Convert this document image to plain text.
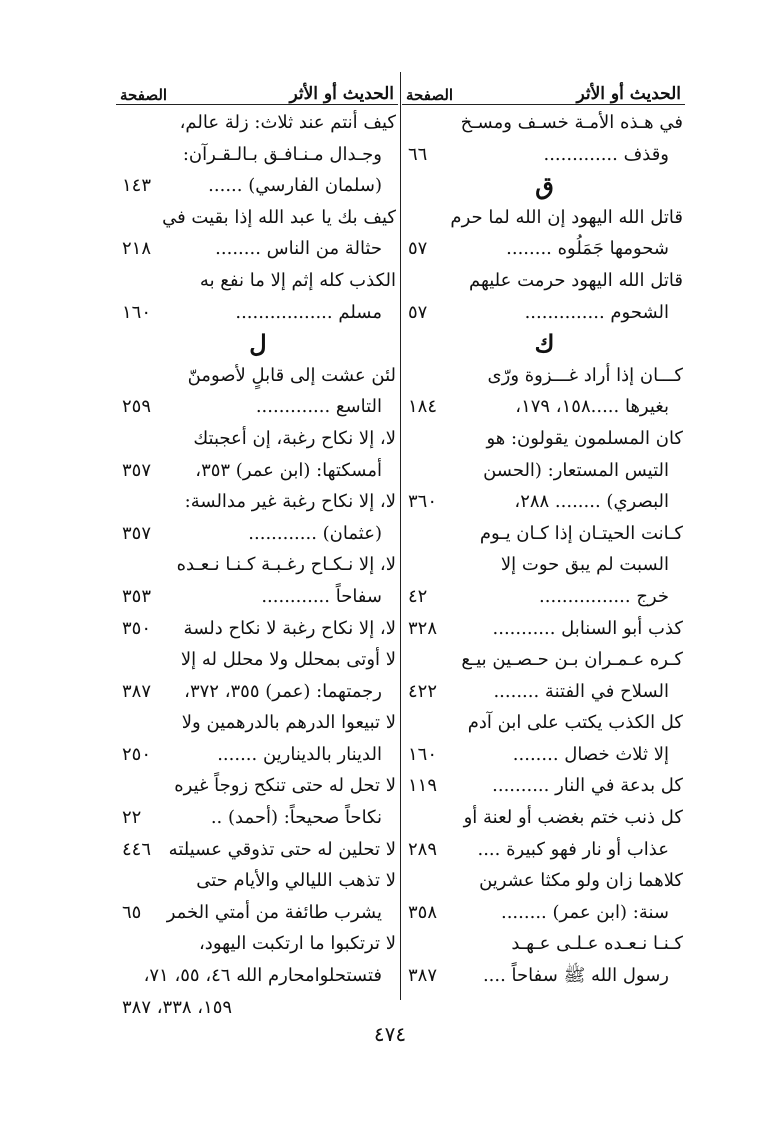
الحديث أو الأثر
الصفحة
في هـذه الأمـة خسـف ومسـخ
وقذف .............
٦٦
ق
قاتل الله اليهود إن الله لما حرم
شحومها جَمَلُوه ........
٥٧
قاتل الله اليهود حرمت عليهم
الشحوم ..............
٥٧
ك
كـــان إذا أراد غـــزوة ورّى
بغيرها .....١٥٨، ١٧٩،
١٨٤
كان المسلمون يقولون: هو
التيس المستعار: (الحسن
البصري) ........ ٢٨٨،
٣٦٠
كـانت الحيتـان إذا كـان يـوم
السبت لم يبق حوت إلا
خرج ................
٤٢
كذب أبو السنابل ...........
٣٢٨
كـره عـمـران بـن حـصـين بيـع
السلاح في الفتنة ........
٤٢٢
كل الكذب يكتب على ابن آدم
إلا ثلاث خصال ........
١٦٠
كل بدعة في النار ..........
١١٩
كل ذنب ختم بغضب أو لعنة أو
عذاب أو نار فهو كبيرة ....
٢٨٩
كلاهما زان ولو مكثا عشرين
سنة: (ابن عمر) ........
٣٥٨
كـنـا نـعـده عـلـى عـهـد
رسول الله ﷺ سفاحاً ....
٣٨٧
الحديث أو الأثر
الصفحة
كيف أنتم عند ثلاث: زلة عالم،
وجـدال مـنـافـق بـالـقـرآن:
(سلمان الفارسي) ......
١٤٣
كيف بك يا عبد الله إذا بقيت في
حثالة من الناس ........
٢١٨
الكذب كله إثم إلا ما نفع به
مسلم .................
١٦٠
ل
لئن عشت إلى قابلٍ لأصومنّ
التاسع .............
٢٥٩
لا، إلا نكاح رغبة، إن أعجبتك
أمسكتها: (ابن عمر) ٣٥٣،
٣٥٧
لا، إلا نكاح رغبة غير مدالسة:
(عثمان) ............
٣٥٧
لا، إلا نـكـاح رغـبـة كـنـا نـعـده
سفاحاً ............
٣٥٣
لا، إلا نكاح رغبة لا نكاح دلسة
٣٥٠
لا أوتى بمحلل ولا محلل له إلا
رجمتهما: (عمر) ٣٥٥، ٣٧٢،
٣٨٧
لا تبيعوا الدرهم بالدرهمين ولا
الدينار بالدينارين .......
٢٥٠
لا تحل له حتى تنكح زوجاً غيره
نكاحاً صحيحاً: (أحمد) ..
٢٢
لا تحلين له حتى تذوقي عسيلته
٤٤٦
لا تذهب الليالي والأيام حتى
يشرب طائفة من أمتي الخمر
٦٥
لا ترتكبوا ما ارتكبت اليهود،
فتستحلوامحارم الله ٤٦، ٥٥، ٧١،
١٥٩، ٣٣٨، ٣٨٧
٤٧٤
